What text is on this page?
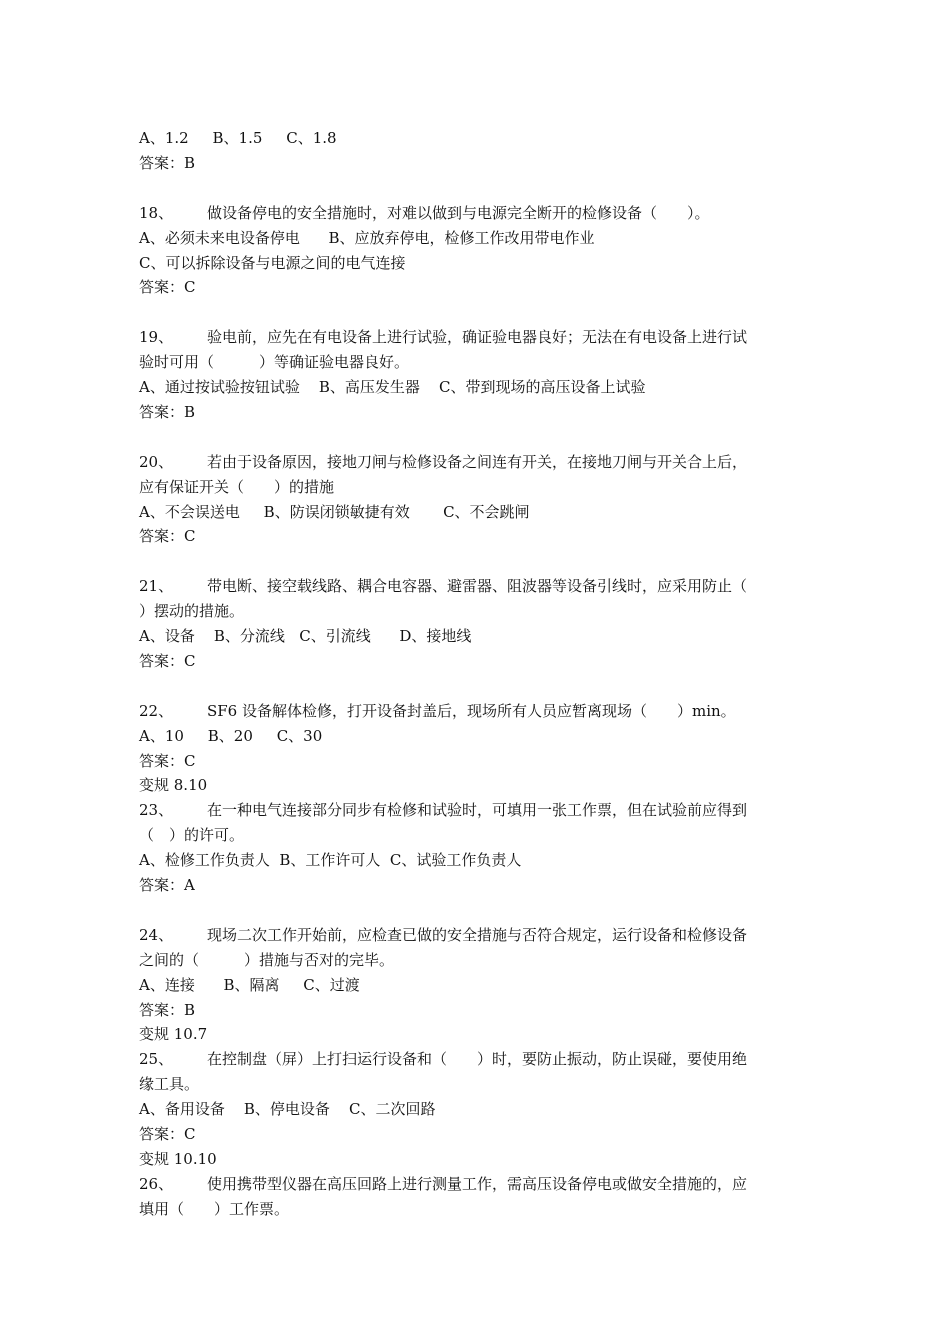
A、1.2     B、1.5     C、1.8
答案：B
18、 做设备停电的安全措施时，对难以做到与电源完全断开的检修设备（　　）。
A、必须未来电设备停电      B、应放弃停电，检修工作改用带电作业
C、可以拆除设备与电源之间的电气连接
答案：C
19、 验电前，应先在有电设备上进行试验，确证验电器良好；无法在有电设备上进行试
验时可用（　　　）等确证验电器良好。
A、通过按试验按钮试验    B、高压发生器    C、带到现场的高压设备上试验
答案：B
20、 若由于设备原因，接地刀闸与检修设备之间连有开关，在接地刀闸与开关合上后，
应有保证开关（　　）的措施
A、不会误送电     B、防误闭锁敏捷有效       C、不会跳闸
答案：C
21、 带电断、接空载线路、耦合电容器、避雷器、阻波器等设备引线时，应采用防止（
）摆动的措施。
A、设备    B、分流线   C、引流线      D、接地线
答案：C
22、 SF6 设备解体检修，打开设备封盖后，现场所有人员应暂离现场（　　）min。
A、10     B、20     C、30
答案：C
变规 8.10
23、 在一种电气连接部分同步有检修和试验时，可填用一张工作票，但在试验前应得到
（　）的许可。
A、检修工作负责人  B、工作许可人  C、试验工作负责人
答案：A
24、 现场二次工作开始前，应检查已做的安全措施与否符合规定，运行设备和检修设备
之间的（　　　）措施与否对的完毕。
A、连接      B、隔离     C、过渡
答案：B
变规 10.7
25、 在控制盘（屏）上打扫运行设备和（　　）时，要防止振动，防止误碰，要使用绝
缘工具。
A、备用设备    B、停电设备    C、二次回路
答案：C
变规 10.10
26、 使用携带型仪器在高压回路上进行测量工作，需高压设备停电或做安全措施的，应
填用（　　）工作票。
